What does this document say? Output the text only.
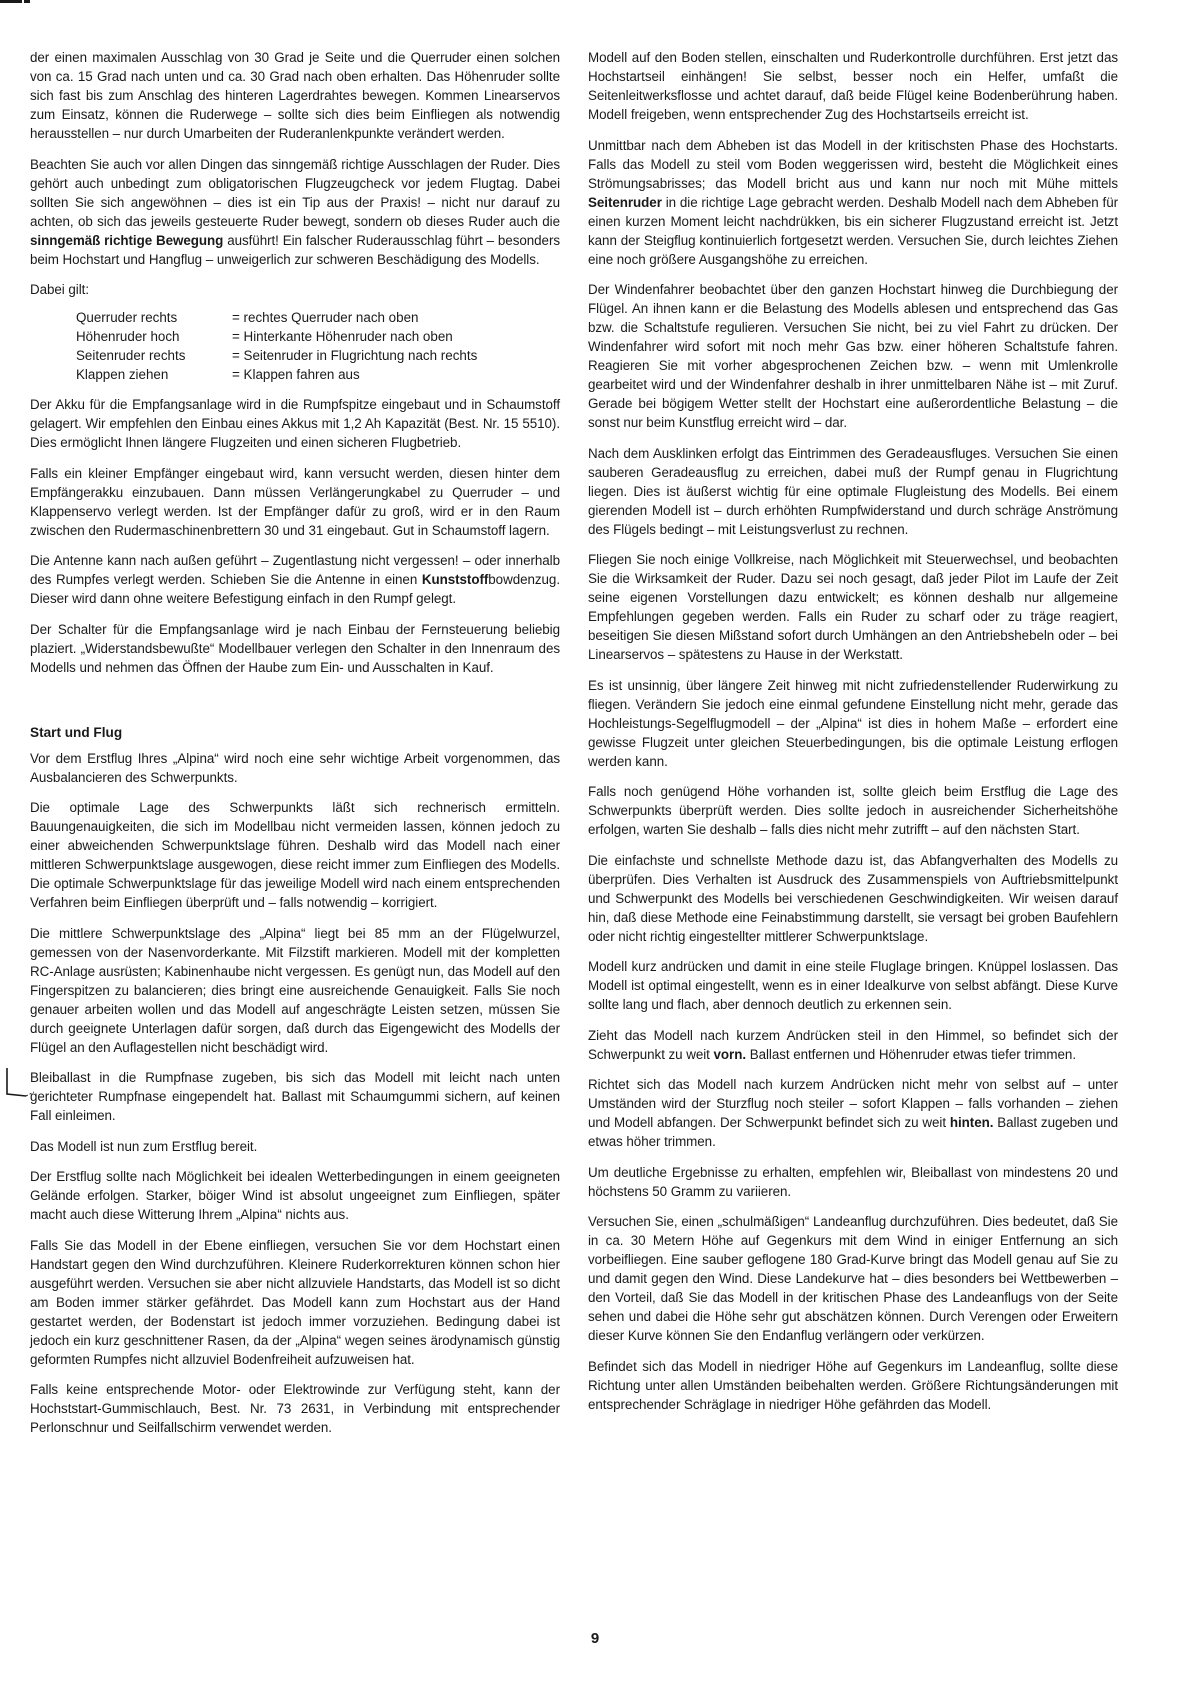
der einen maximalen Ausschlag von 30 Grad je Seite und die Querruder einen solchen von ca. 15 Grad nach unten und ca. 30 Grad nach oben erhalten. Das Höhenruder sollte sich fast bis zum Anschlag des hinteren Lagerdrahtes bewegen. Kommen Linearservos zum Einsatz, können die Ruderwege – sollte sich dies beim Einfliegen als notwendig herausstellen – nur durch Umarbeiten der Ruderanlenkpunkte verändert werden.

Beachten Sie auch vor allen Dingen das sinngemäß richtige Ausschlagen der Ruder. Dies gehört auch unbedingt zum obligatorischen Flugzeugcheck vor jedem Flugtag. Dabei sollten Sie sich angewöhnen – dies ist ein Tip aus der Praxis! – nicht nur darauf zu achten, ob sich das jeweils gesteuerte Ruder bewegt, sondern ob dieses Ruder auch die sinngemäß richtige Bewegung ausführt! Ein falscher Ruderausschlag führt – besonders beim Hochstart und Hangflug – unweigerlich zur schweren Beschädigung des Modells.

Dabei gilt:

Querruder rechts	= rechtes Querruder nach oben
Höhenruder hoch	= Hinterkante Höhenruder nach oben
Seitenruder rechts	= Seitenruder in Flugrichtung nach rechts
Klappen ziehen	= Klappen fahren aus

Der Akku für die Empfangsanlage wird in die Rumpfspitze eingebaut und in Schaumstoff gelagert. Wir empfehlen den Einbau eines Akkus mit 1,2 Ah Kapazität (Best. Nr. 15 5510). Dies ermöglicht Ihnen längere Flugzeiten und einen sicheren Flugbetrieb.

Falls ein kleiner Empfänger eingebaut wird, kann versucht werden, diesen hinter dem Empfängerakku einzubauen. Dann müssen Verlängerungkabel zu Querruder – und Klappenservo verlegt werden. Ist der Empfänger dafür zu groß, wird er in den Raum zwischen den Rudermaschinenbrettern 30 und 31 eingebaut. Gut in Schaumstoff lagern.

Die Antenne kann nach außen geführt – Zugentlastung nicht vergessen! – oder innerhalb des Rumpfes verlegt werden. Schieben Sie die Antenne in einen Kunststoffbowdenzug. Dieser wird dann ohne weitere Befestigung einfach in den Rumpf gelegt.

Der Schalter für die Empfangsanlage wird je nach Einbau der Fernsteuerung beliebig plaziert. „Widerstandsbewußte“ Modellbauer verlegen den Schalter in den Innenraum des Modells und nehmen das Öffnen der Haube zum Ein- und Ausschalten in Kauf.

Start und Flug

Vor dem Erstflug Ihres „Alpina“ wird noch eine sehr wichtige Arbeit vorgenommen, das Ausbalancieren des Schwerpunkts.

Die optimale Lage des Schwerpunkts läßt sich rechnerisch ermitteln. Bauungenauigkeiten, die sich im Modellbau nicht vermeiden lassen, können jedoch zu einer abweichenden Schwerpunktslage führen. Deshalb wird das Modell nach einer mittleren Schwerpunktslage ausgewogen, diese reicht immer zum Einfliegen des Modells. Die optimale Schwerpunktslage für das jeweilige Modell wird nach einem entsprechenden Verfahren beim Einfliegen überprüft und – falls notwendig – korrigiert.

Die mittlere Schwerpunktslage des „Alpina“ liegt bei 85 mm an der Flügelwurzel, gemessen von der Nasenvorderkante. Mit Filzstift markieren. Modell mit der kompletten RC-Anlage ausrüsten; Kabinenhaube nicht vergessen. Es genügt nun, das Modell auf den Fingerspitzen zu balancieren; dies bringt eine ausreichende Genauigkeit. Falls Sie noch genauer arbeiten wollen und das Modell auf angeschrägte Leisten setzen, müssen Sie durch geeignete Unterlagen dafür sorgen, daß durch das Eigengewicht des Modells der Flügel an den Auflagestellen nicht beschädigt wird.

Bleiballast in die Rumpfnase zugeben, bis sich das Modell mit leicht nach unten gerichteter Rumpfnase eingependelt hat. Ballast mit Schaumgummi sichern, auf keinen Fall einleimen.

Das Modell ist nun zum Erstflug bereit.

Der Erstflug sollte nach Möglichkeit bei idealen Wetterbedingungen in einem geeigneten Gelände erfolgen. Starker, böiger Wind ist absolut ungeeignet zum Einfliegen, später macht auch diese Witterung Ihrem „Alpina“ nichts aus.

Falls Sie das Modell in der Ebene einfliegen, versuchen Sie vor dem Hochstart einen Handstart gegen den Wind durchzuführen. Kleinere Ruderkorrekturen können schon hier ausgeführt werden. Versuchen sie aber nicht allzuviele Handstarts, das Modell ist so dicht am Boden immer stärker gefährdet. Das Modell kann zum Hochstart aus der Hand gestartet werden, der Bodenstart ist jedoch immer vorzuziehen. Bedingung dabei ist jedoch ein kurz geschnittener Rasen, da der „Alpina“ wegen seines ärodynamisch günstig geformten Rumpfes nicht allzuviel Bodenfreiheit aufzuweisen hat.

Falls keine entsprechende Motor- oder Elektrowinde zur Verfügung steht, kann der Hochststart-Gummischlauch, Best. Nr. 73 2631, in Verbindung mit entsprechender Perlonschnur und Seilfallschirm verwendet werden.

Modell auf den Boden stellen, einschalten und Ruderkontrolle durchführen. Erst jetzt das Hochstartseil einhängen! Sie selbst, besser noch ein Helfer, umfaßt die Seitenleitwerksflosse und achtet darauf, daß beide Flügel keine Bodenberührung haben. Modell freigeben, wenn entsprechender Zug des Hochstartseils erreicht ist.

Unmittbar nach dem Abheben ist das Modell in der kritischsten Phase des Hochstarts. Falls das Modell zu steil vom Boden weggerissen wird, besteht die Möglichkeit eines Strömungsabrisses; das Modell bricht aus und kann nur noch mit Mühe mittels Seitenruder in die richtige Lage gebracht werden. Deshalb Modell nach dem Abheben für einen kurzen Moment leicht nachdrükken, bis ein sicherer Flugzustand erreicht ist. Jetzt kann der Steigflug kontinuierlich fortgesetzt werden. Versuchen Sie, durch leichtes Ziehen eine noch größere Ausgangshöhe zu erreichen.

Der Windenfahrer beobachtet über den ganzen Hochstart hinweg die Durchbiegung der Flügel. An ihnen kann er die Belastung des Modells ablesen und entsprechend das Gas bzw. die Schaltstufe regulieren. Versuchen Sie nicht, bei zu viel Fahrt zu drücken. Der Windenfahrer wird sofort mit noch mehr Gas bzw. einer höheren Schaltstufe fahren. Reagieren Sie mit vorher abgesprochenen Zeichen bzw. – wenn mit Umlenkrolle gearbeitet wird und der Windenfahrer deshalb in ihrer unmittelbaren Nähe ist – mit Zuruf. Gerade bei bögigem Wetter stellt der Hochstart eine außerordentliche Belastung – die sonst nur beim Kunstflug erreicht wird – dar.

Nach dem Ausklinken erfolgt das Eintrimmen des Geradeausfluges. Versuchen Sie einen sauberen Geradeausflug zu erreichen, dabei muß der Rumpf genau in Flugrichtung liegen. Dies ist äußerst wichtig für eine optimale Flugleistung des Modells. Bei einem gierenden Modell ist – durch erhöhten Rumpfwiderstand und durch schräge Anströmung des Flügels bedingt – mit Leistungsverlust zu rechnen.

Fliegen Sie noch einige Vollkreise, nach Möglichkeit mit Steuerwechsel, und beobachten Sie die Wirksamkeit der Ruder. Dazu sei noch gesagt, daß jeder Pilot im Laufe der Zeit seine eigenen Vorstellungen dazu entwickelt; es können deshalb nur allgemeine Empfehlungen gegeben werden. Falls ein Ruder zu scharf oder zu träge reagiert, beseitigen Sie diesen Mißstand sofort durch Umhängen an den Antriebshebeln oder – bei Linearservos – spätestens zu Hause in der Werkstatt.

Es ist unsinnig, über längere Zeit hinweg mit nicht zufriedenstellender Ruderwirkung zu fliegen. Verändern Sie jedoch eine einmal gefundene Einstellung nicht mehr, gerade das Hochleistungs-Segelflugmodell – der „Alpina“ ist dies in hohem Maße – erfordert eine gewisse Flugzeit unter gleichen Steuerbedingungen, bis die optimale Leistung erflogen werden kann.

Falls noch genügend Höhe vorhanden ist, sollte gleich beim Erstflug die Lage des Schwerpunkts überprüft werden. Dies sollte jedoch in ausreichender Sicherheitshöhe erfolgen, warten Sie deshalb – falls dies nicht mehr zutrifft – auf den nächsten Start.

Die einfachste und schnellste Methode dazu ist, das Abfangverhalten des Modells zu überprüfen. Dies Verhalten ist Ausdruck des Zusammenspiels von Auftriebsmittelpunkt und Schwerpunkt des Modells bei verschiedenen Geschwindigkeiten. Wir weisen darauf hin, daß diese Methode eine Feinabstimmung darstellt, sie versagt bei groben Baufehlern oder nicht richtig eingestellter mittlerer Schwerpunktslage.

Modell kurz andrücken und damit in eine steile Fluglage bringen. Knüppel loslassen. Das Modell ist optimal eingestellt, wenn es in einer Idealkurve von selbst abfängt. Diese Kurve sollte lang und flach, aber dennoch deutlich zu erkennen sein.

Zieht das Modell nach kurzem Andrücken steil in den Himmel, so befindet sich der Schwerpunkt zu weit vorn. Ballast entfernen und Höhenruder etwas tiefer trimmen.

Richtet sich das Modell nach kurzem Andrücken nicht mehr von selbst auf – unter Umständen wird der Sturzflug noch steiler – sofort Klappen – falls vorhanden – ziehen und Modell abfangen. Der Schwerpunkt befindet sich zu weit hinten. Ballast zugeben und etwas höher trimmen.

Um deutliche Ergebnisse zu erhalten, empfehlen wir, Bleiballast von mindestens 20 und höchstens 50 Gramm zu variieren.

Versuchen Sie, einen „schulmäßigen“ Landeanflug durchzuführen. Dies bedeutet, daß Sie in ca. 30 Metern Höhe auf Gegenkurs mit dem Wind in einiger Entfernung an sich vorbeifliegen. Eine sauber geflogene 180 Grad-Kurve bringt das Modell genau auf Sie zu und damit gegen den Wind. Diese Landekurve hat – dies besonders bei Wettbewerben – den Vorteil, daß Sie das Modell in der kritischen Phase des Landeanflugs von der Seite sehen und dabei die Höhe sehr gut abschätzen können. Durch Verengen oder Erweitern dieser Kurve können Sie den Endanflug verlängern oder verkürzen.

Befindet sich das Modell in niedriger Höhe auf Gegenkurs im Landeanflug, sollte diese Richtung unter allen Umständen beibehalten werden. Größere Richtungsänderungen mit entsprechender Schräglage in niedriger Höhe gefährden das Modell.

9
